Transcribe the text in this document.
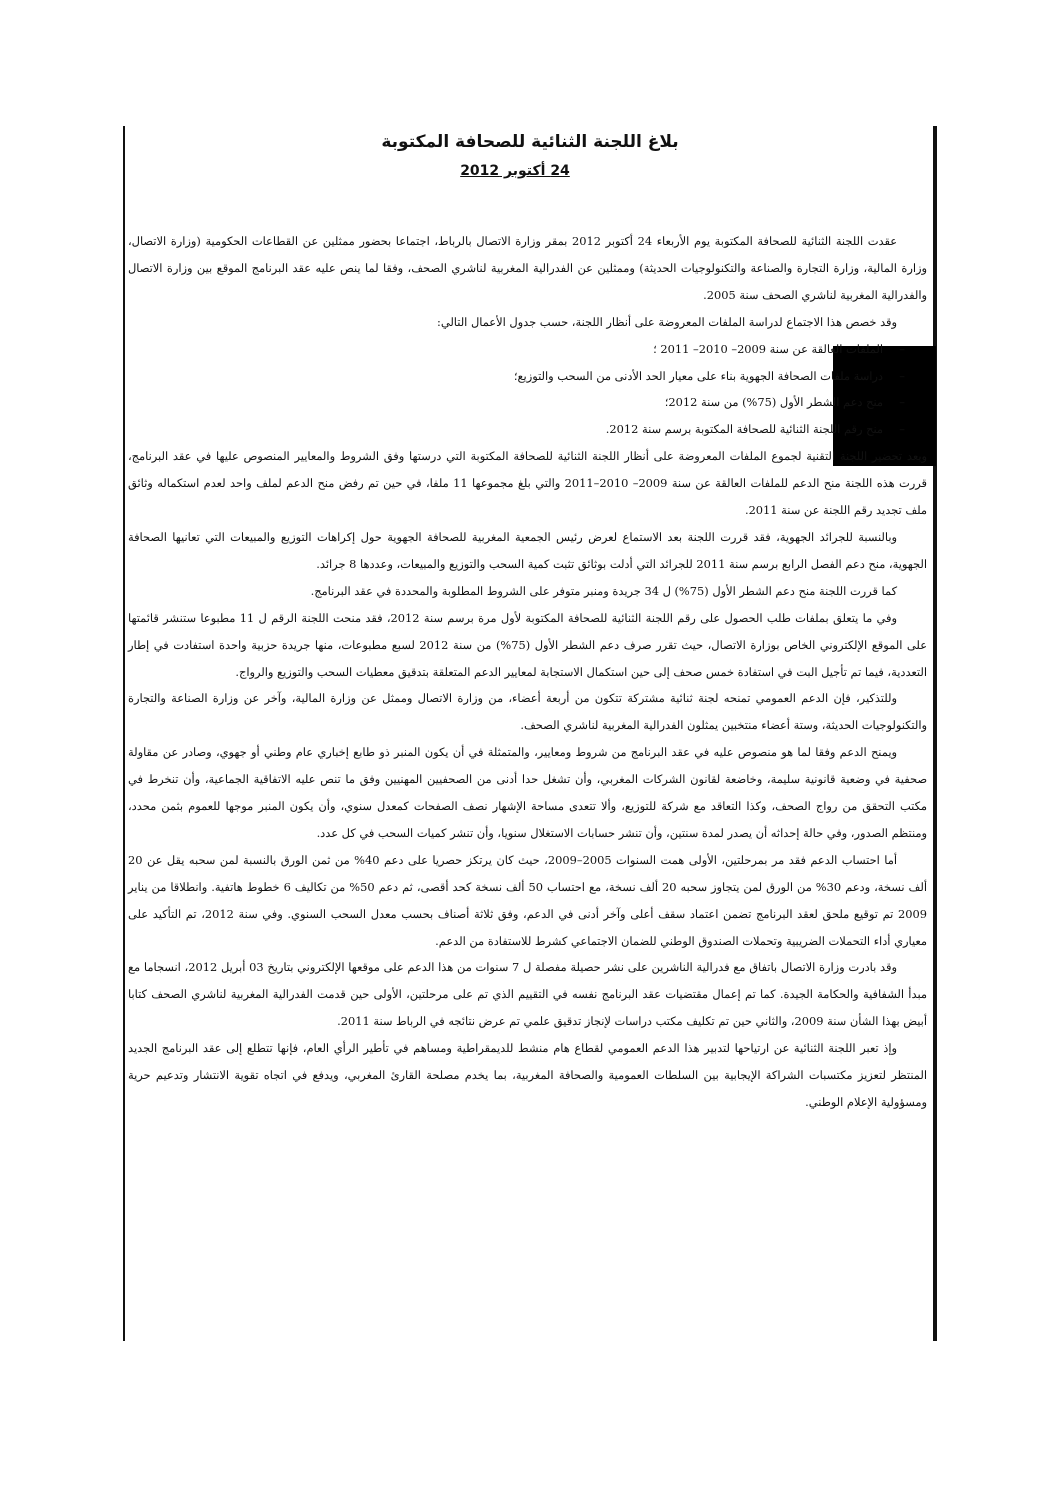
بلاغ اللجنة الثنائية للصحافة المكتوبة
24 أكتوبر 2012

عقدت اللجنة الثنائية للصحافة المكتوبة يوم الأربعاء 24 أكتوبر 2012 بمقر وزارة الاتصال بالرباط، اجتماعا بحضور ممثلين عن القطاعات الحكومية (وزارة الاتصال، وزارة المالية، وزارة التجارة والصناعة والتكنولوجيات الحديثة) وممثلين عن الفدرالية المغربية لناشري الصحف، وفقا لما ينص عليه عقد البرنامج الموقع بين وزارة الاتصال والفدرالية المغربية لناشري الصحف سنة 2005.

وقد خصص هذا الاجتماع لدراسة الملفات المعروضة على أنظار اللجنة، حسب جدول الأعمال التالي:

– الملفات العالقة عن سنة 2009– 2010– 2011 ؛
– دراسة ملفات الصحافة الجهوية بناء على معيار الحد الأدنى من السحب والتوزيع؛
– منح دعم الشطر الأول (75%) من سنة 2012؛
– منح رقم اللجنة الثنائية للصحافة المكتوبة برسم سنة 2012.

وبعد تحضير اللجنة التقنية لجموع الملفات المعروضة على أنظار اللجنة الثنائية للصحافة المكتوبة التي درستها وفق الشروط والمعايير المنصوص عليها في عقد البرنامج، قررت هذه اللجنة منح الدعم للملفات العالقة عن سنة 2009– 2010–2011 والتي بلغ مجموعها 11 ملفا، في حين تم رفض منح الدعم لملف واحد لعدم استكماله وثائق ملف تجديد رقم اللجنة عن سنة 2011.

وبالنسبة للجرائد الجهوية، فقد قررت اللجنة بعد الاستماع لعرض رئيس الجمعية المغربية للصحافة الجهوية حول إكراهات التوزيع والمبيعات التي تعانيها الصحافة الجهوية، منح دعم الفصل الرابع برسم سنة 2011 للجرائد التي أدلت بوثائق تثبت كمية السحب والتوزيع والمبيعات، وعددها 8 جرائد.

كما قررت اللجنة منح دعم الشطر الأول (75%) ل 34 جريدة ومنبر متوفر على الشروط المطلوبة والمحددة في عقد البرنامج.

وفي ما يتعلق بملفات طلب الحصول على رقم اللجنة الثنائية للصحافة المكتوبة لأول مرة برسم سنة 2012، فقد منحت اللجنة الرقم ل 11 مطبوعا ستنشر قائمتها على الموقع الإلكتروني الخاص بوزارة الاتصال، حيث تقرر صرف دعم الشطر الأول (75%) من سنة 2012 لسبع مطبوعات، منها جريدة حزبية واحدة استفادت في إطار التعددية، فيما تم تأجيل البت في استفادة خمس صحف إلى حين استكمال الاستجابة لمعايير الدعم المتعلقة بتدقيق معطيات السحب والتوزيع والرواج.

وللتذكير، فإن الدعم العمومي تمنحه لجنة ثنائية مشتركة تتكون من أربعة أعضاء، من وزارة الاتصال وممثل عن وزارة المالية، وآخر عن وزارة الصناعة والتجارة والتكنولوجيات الحديثة، وستة أعضاء منتخبين يمثلون الفدرالية المغربية لناشري الصحف.

ويمنح الدعم وفقا لما هو منصوص عليه في عقد البرنامج من شروط ومعايير، والمتمثلة في أن يكون المنبر ذو طابع إخباري عام وطني أو جهوي، وصادر عن مقاولة صحفية في وضعية قانونية سليمة، وخاضعة لقانون الشركات المغربي، وأن تشغل حدا أدنى من الصحفيين المهنيين وفق ما تنص عليه الاتفاقية الجماعية، وأن تنخرط في مكتب التحقق من رواج الصحف، وكذا التعاقد مع شركة للتوزيع، وألا تتعدى مساحة الإشهار نصف الصفحات كمعدل سنوي، وأن يكون المنبر موجها للعموم بثمن محدد، ومنتظم الصدور، وفي حالة إحداثه أن يصدر لمدة سنتين، وأن تنشر حسابات الاستغلال سنويا، وأن تنشر كميات السحب في كل عدد.

أما احتساب الدعم فقد مر بمرحلتين، الأولى همت السنوات 2005–2009، حيث كان يرتكز حصريا على دعم 40% من ثمن الورق بالنسبة لمن سحبه يقل عن 20 ألف نسخة، ودعم 30% من الورق لمن يتجاوز سحبه 20 ألف نسخة، مع احتساب 50 ألف نسخة كحد أقصى، ثم دعم 50% من تكاليف 6 خطوط هاتفية. وانطلاقا من يناير 2009 تم توقيع ملحق لعقد البرنامج تضمن اعتماد سقف أعلى وآخر أدنى في الدعم، وفق ثلاثة أصناف بحسب معدل السحب السنوي. وفي سنة 2012، تم التأكيد على معياري أداء التحملات الضريبية وتحملات الصندوق الوطني للضمان الاجتماعي كشرط للاستفادة من الدعم.

وقد بادرت وزارة الاتصال باتفاق مع فدرالية الناشرين على نشر حصيلة مفصلة ل 7 سنوات من هذا الدعم على موقعها الإلكتروني بتاريخ 03 أبريل 2012، انسجاما مع مبدأ الشفافية والحكامة الجيدة. كما تم إعمال مقتضيات عقد البرنامج نفسه في التقييم الذي تم على مرحلتين، الأولى حين قدمت الفدرالية المغربية لناشري الصحف كتابا أبيض بهذا الشأن سنة 2009، والثاني حين تم تكليف مكتب دراسات لإنجاز تدقيق علمي تم عرض نتائجه في الرباط سنة 2011.

وإذ تعبر اللجنة الثنائية عن ارتياحها لتدبير هذا الدعم العمومي لقطاع هام منشط للديمقراطية ومساهم في تأطير الرأي العام، فإنها تتطلع إلى عقد البرنامج الجديد المنتظر لتعزيز مكتسبات الشراكة الإيجابية بين السلطات العمومية والصحافة المغربية، بما يخدم مصلحة القارئ المغربي، ويدفع في اتجاه تقوية الانتشار وتدعيم حرية ومسؤولية الإعلام الوطني.
